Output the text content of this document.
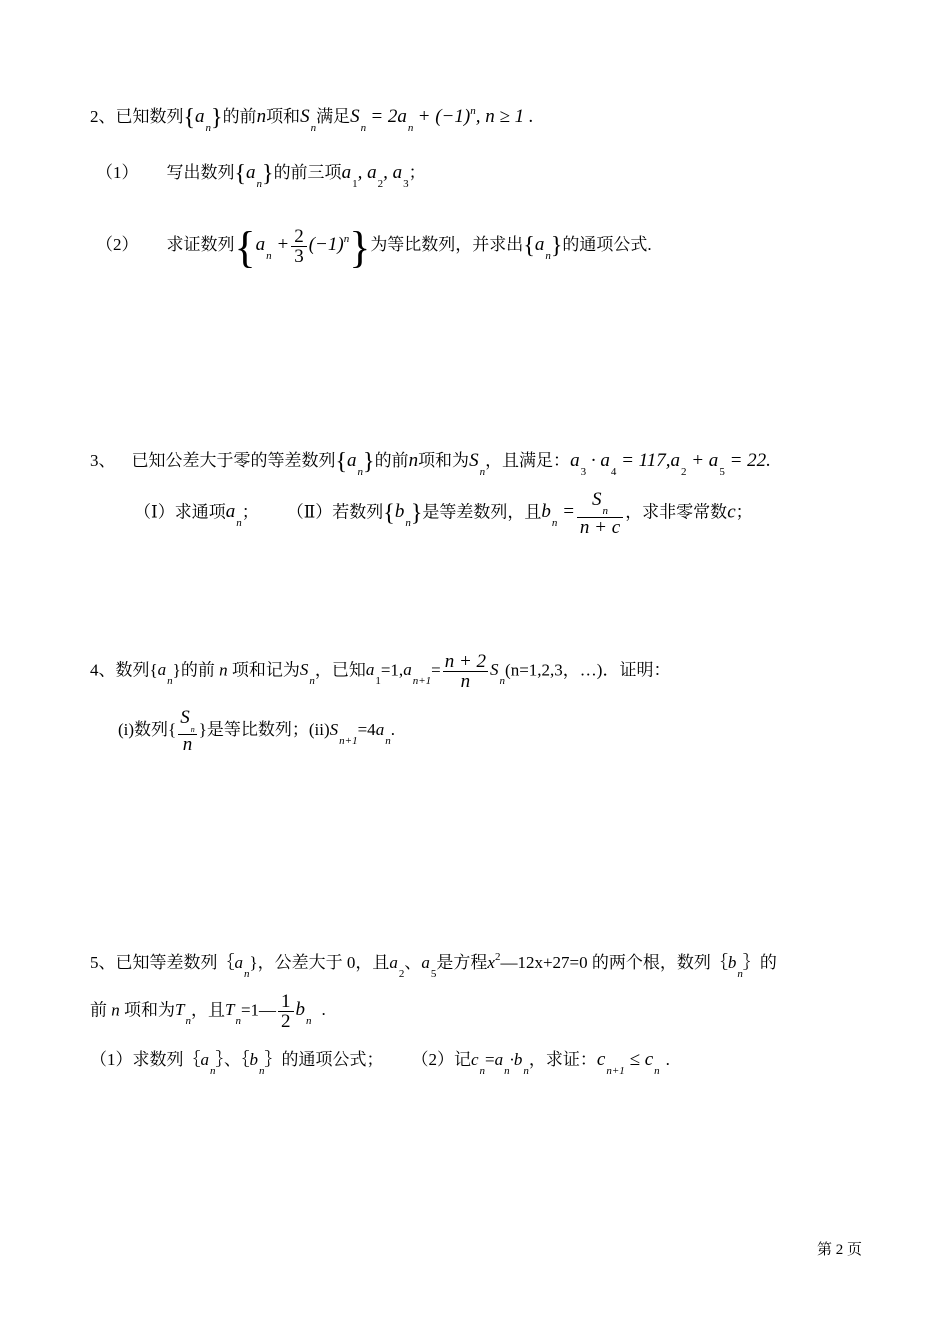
2、已知数列$\{a_n\}$的前n项和$S_n$满足$S_n = 2a_n + (-1)^n$, n ≥ 1 .
（1） 写出数列$\{a_n\}$的前三项$a_1$, $a_2$, $a_3$；
（2） 求证数列$\{a_n + \frac{2}{3} (-1)^n\}$为等比数列，并求出$\{a_n\}$的通项公式.
3、 已知公差大于零的等差数列$\{a_n\}$的前n项和为$S_n$，且满足：$a_3 \cdot a_4 = 117,a_2 + a_5 = 22$.
（Ⅰ）求通项$a_n$； （Ⅱ）若数列$\{b_n\}$是等差数列，且$b_n = \frac{S_n}{n + c}$ ，求非零常数c；
4、数列$\{a_n\}$的前 n 项和记为$S_n$，已知$a_1=1,a_{n+1}= \frac{n + 2}{n} S_n(n=1,2,3$，…)．证明：
(i)数列{ $\frac{S_n}{n}$ }是等比数列；$(ii)S_{n+1}=4a_n$.
5、已知等差数列$\{a_n$}，公差大于 0，且$a_2$、$a_5$是方程$x^2—12x+27=0$ 的两个根，数列$\{b_n\}$的
前 n 项和为$T_n$，且$T_n=1— \frac{1}{2} b_n$.
（1）求数列$\{a_n\}$、$\{b_n\}$的通项公式； （2）记$c_n=a_n\cdot b_n$，求证：$c_{n+1} \le c_n$.
第 2 页
